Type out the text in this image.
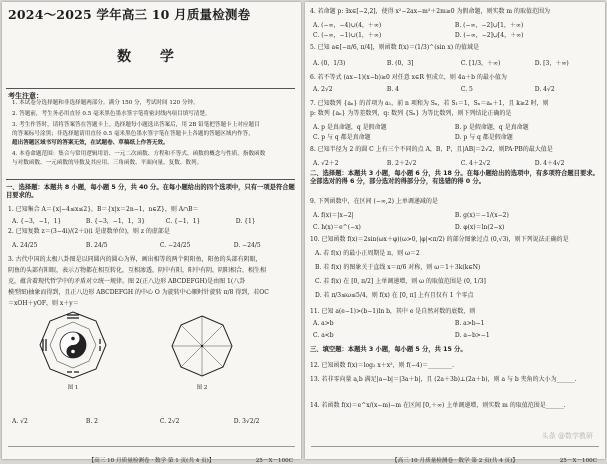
2024～2025 学年高三 10 月质量检测卷
数 学
考生注意：
1. 本试卷分选择题和非选择题两部分。满分 150 分，考试时间 120 分钟。
2. 答题前，考生务必用直径 0.5 毫米黑色墨水签字笔将密封线内项目填写清楚。
3. 考生作答时，请将答案答在答题卡上。选择题每小题选出答案后，用 2B 铅笔把答题卡上对应题目
的答案标号涂黑；非选择题请用直径 0.5 毫米黑色墨水签字笔在答题卡上各题的答题区域内作答，
超出答题区域书写的答案无效，在试题卷、草稿纸上作答无效。
4. 本卷命题范围：集合与常用逻辑用语、一元二次函数、方程和不等式、函数的概念与性质、指数函数
与对数函数、一元函数的导数及其应用、三角函数、平面向量、复数、数列。
一、选择题：本题共 8 小题，每小题 5 分，共 40 分。在每小题给出的四个选项中，只有一项是符合题目要求的。
1. 已知集合 A＝{x|−4≤x≤2}，B＝{x|x＝2n−1，n∈Z}，则 A∩B＝
A. {−3，−1，1}	B. {−3，−1，1，3}	C. {−1，1}	D. {1}
2. 已知复数 z＝(3−4i)/(2＋i)(i 是虚数单位)，则 z 的虚部是
A. 24/25	B. 24/5	C. −24/25	D. −24/5
3. 古代中国的太极八卦图是以同圆内的圆心为界，画出相等的两个阴阳鱼，阳鱼的头部有阴眼，
阴鱼的头部有阳眼，表示万物都在相互转化，互相渗透，阴中有阳，阳中有阴，阴阳相合，相生相
克，蕴含着现代哲学中的矛盾对立统一规律。图 2(正八边形 ABCDEFGH)是由图 1(八卦
模型图)抽象而得到，且正八边形 ABCDEFGH 的中心 O 为旋转中心顺时针旋转 π/8 得到，若OC
＝xOH＋yOF，则 x＋y＝
图 1	图 2
A. √2	B. 2	C. 2√2	D. 3√2/2
【高三 10 月质量检测卷 · 数学 第 1 页(共 4 页)】	25－X－100C
4. 若命题 p: ∃x∈[−2,2]，使得 x²−2ax−m²＋2m≥0 为假命题，则实数 m 的取值范围为
A. (−∞，−4)∪(4，＋∞)	B. (−∞，−2]∪[1，＋∞)
C. (−∞，−1)∪(1，＋∞)	D. (−∞，−2]∪[4，＋∞)
5. 已知 a∈[−π/6, π/4]，则函数 f(x)＝(1/3)^(sin x) 的值域是
A. (0，1/3)	B. (0，3]	C. [1/3，＋∞)	D. [3，＋∞)
6. 若不等式 (ax−1)(x−b)≥0 对任意 x∈R 恒成立，则 4a＋b 的最小值为
A. 2√2	B. 4	C. 5	D. 4√2
7. 已知数列 {aₙ} 的首项为 a₁，前 n 项和为 Sₙ，若 S₁＝1，Sₙ＝aₙ＋1，且 k≥2 时，则
p: 数列 {aₙ} 为等差数列，q: 数列 {Sₙ} 为等比数列，则下列结论正确的是
A. p 是真命题，q 是假命题	B. p 是假命题，q 是真命题
C. p 与 q 都是真命题	D. p 与 q 都是假命题
8. 已知半径为 2 的圆 C 上有三个不同的点 A，B，P，且|AB|＝2√2，则PA·PB的最大值是
A. √2＋2	B. 2＋2√2	C. 4＋2√2	D. 4＋4√2
二、选择题：本题共 3 小题，每小题 6 分，共 18 分。在每小题给出的选项中，有多项符合题目要求。全部选对的得 6 分，部分选对的得部分分，有选错的得 0 分。
9. 下列函数中，在区间 (−∞,2) 上单调递减的是
A. f(x)＝|x−2|	B. g(x)＝−1/(x−2)
C. h(x)＝e^(−x)	D. φ(x)＝ln(2−x)
10. 已知函数 f(x)＝2sin(ωx＋φ)(ω>0, |φ|<π/2) 的部分图象过点 (0,√3)，则下列说法正确的是
A. 若 f(x) 的最小正周期是 π，则 ω＝2
B. 若 f(x) 的图象关于直线 x＝π/6 对称，则 ω＝1＋3k(k∈N)
C. 若 f(x) 在 [0, π/2] 上单调递增，则 ω 的取值范围是 (0, 1/3]
D. 若 π/3≤ω≤5/4，则 f(x) 在 [0, π] 上有且仅有 1 个零点
11. 已知 a(e−1)>(b−1)ln b，其中 e 是自然对数的底数，则
A. a>b	B. a>b−1
C. a<b	D. a−b>−1
三、填空题：本题共 3 小题，每小题 5 分，共 15 分。
12. 已知函数 f(x)＝log₂ x＋x²，则 f(−4)＝________.
13. 若非零向量 a,b 满足|a−b|＝|3a＋b|，且 (2a＋3b)⊥(2a＋b)，则 a 与 b 夹角的大小为______.
14. 若函数 f(x)＝e^x/(x−m)−m 在区间 [0,＋∞) 上单调递增，则实数 m 的取值范围是______.
头条 @数学教研
【高三 10 月质量检测卷 · 数学 第 2 页(共 4 页)】	25－X－100C
